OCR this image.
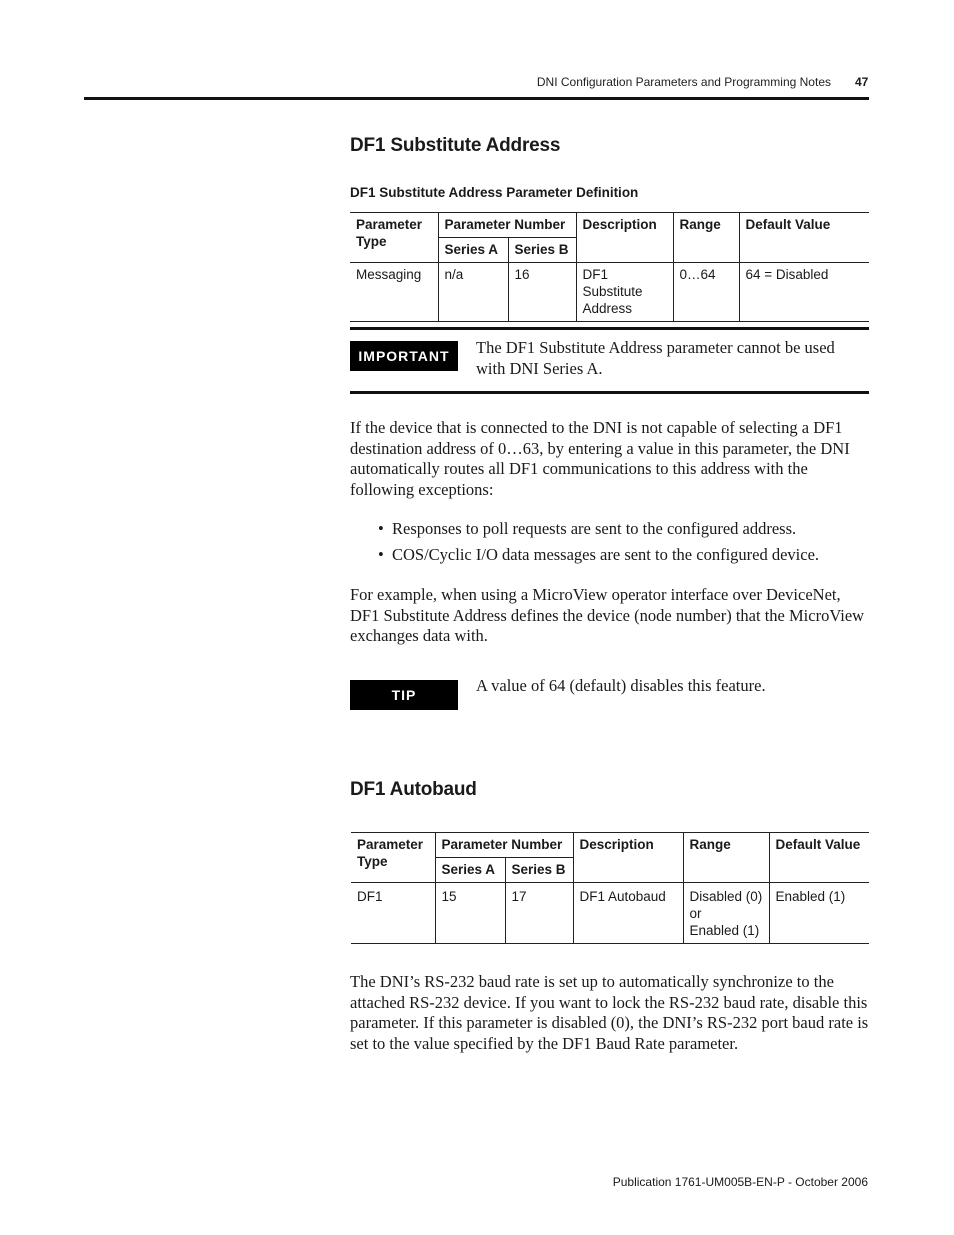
DNI Configuration Parameters and Programming Notes 47
DF1 Substitute Address
DF1 Substitute Address Parameter Definition
Parameter Type	Parameter Number		Description	Range	Default Value
	Series A	Series B			
Messaging	n/a	16	DF1 Substitute Address	0…64	64 = Disabled
IMPORTANT	The DF1 Substitute Address parameter cannot be used with DNI Series A.
If the device that is connected to the DNI is not capable of selecting a DF1 destination address of 0…63, by entering a value in this parameter, the DNI automatically routes all DF1 communications to this address with the following exceptions:
• Responses to poll requests are sent to the configured address.
• COS/Cyclic I/O data messages are sent to the configured device.
For example, when using a MicroView operator interface over DeviceNet, DF1 Substitute Address defines the device (node number) that the MicroView exchanges data with.
TIP	A value of 64 (default) disables this feature.
DF1 Autobaud
Parameter Type	Parameter Number		Description	Range	Default Value
	Series A	Series B			
DF1	15	17	DF1 Autobaud	Disabled (0)
or
Enabled (1)	Enabled (1)
The DNI’s RS-232 baud rate is set up to automatically synchronize to the attached RS-232 device. If you want to lock the RS-232 baud rate, disable this parameter. If this parameter is disabled (0), the DNI’s RS-232 port baud rate is set to the value specified by the DF1 Baud Rate parameter.
Publication 1761-UM005B-EN-P - October 2006
